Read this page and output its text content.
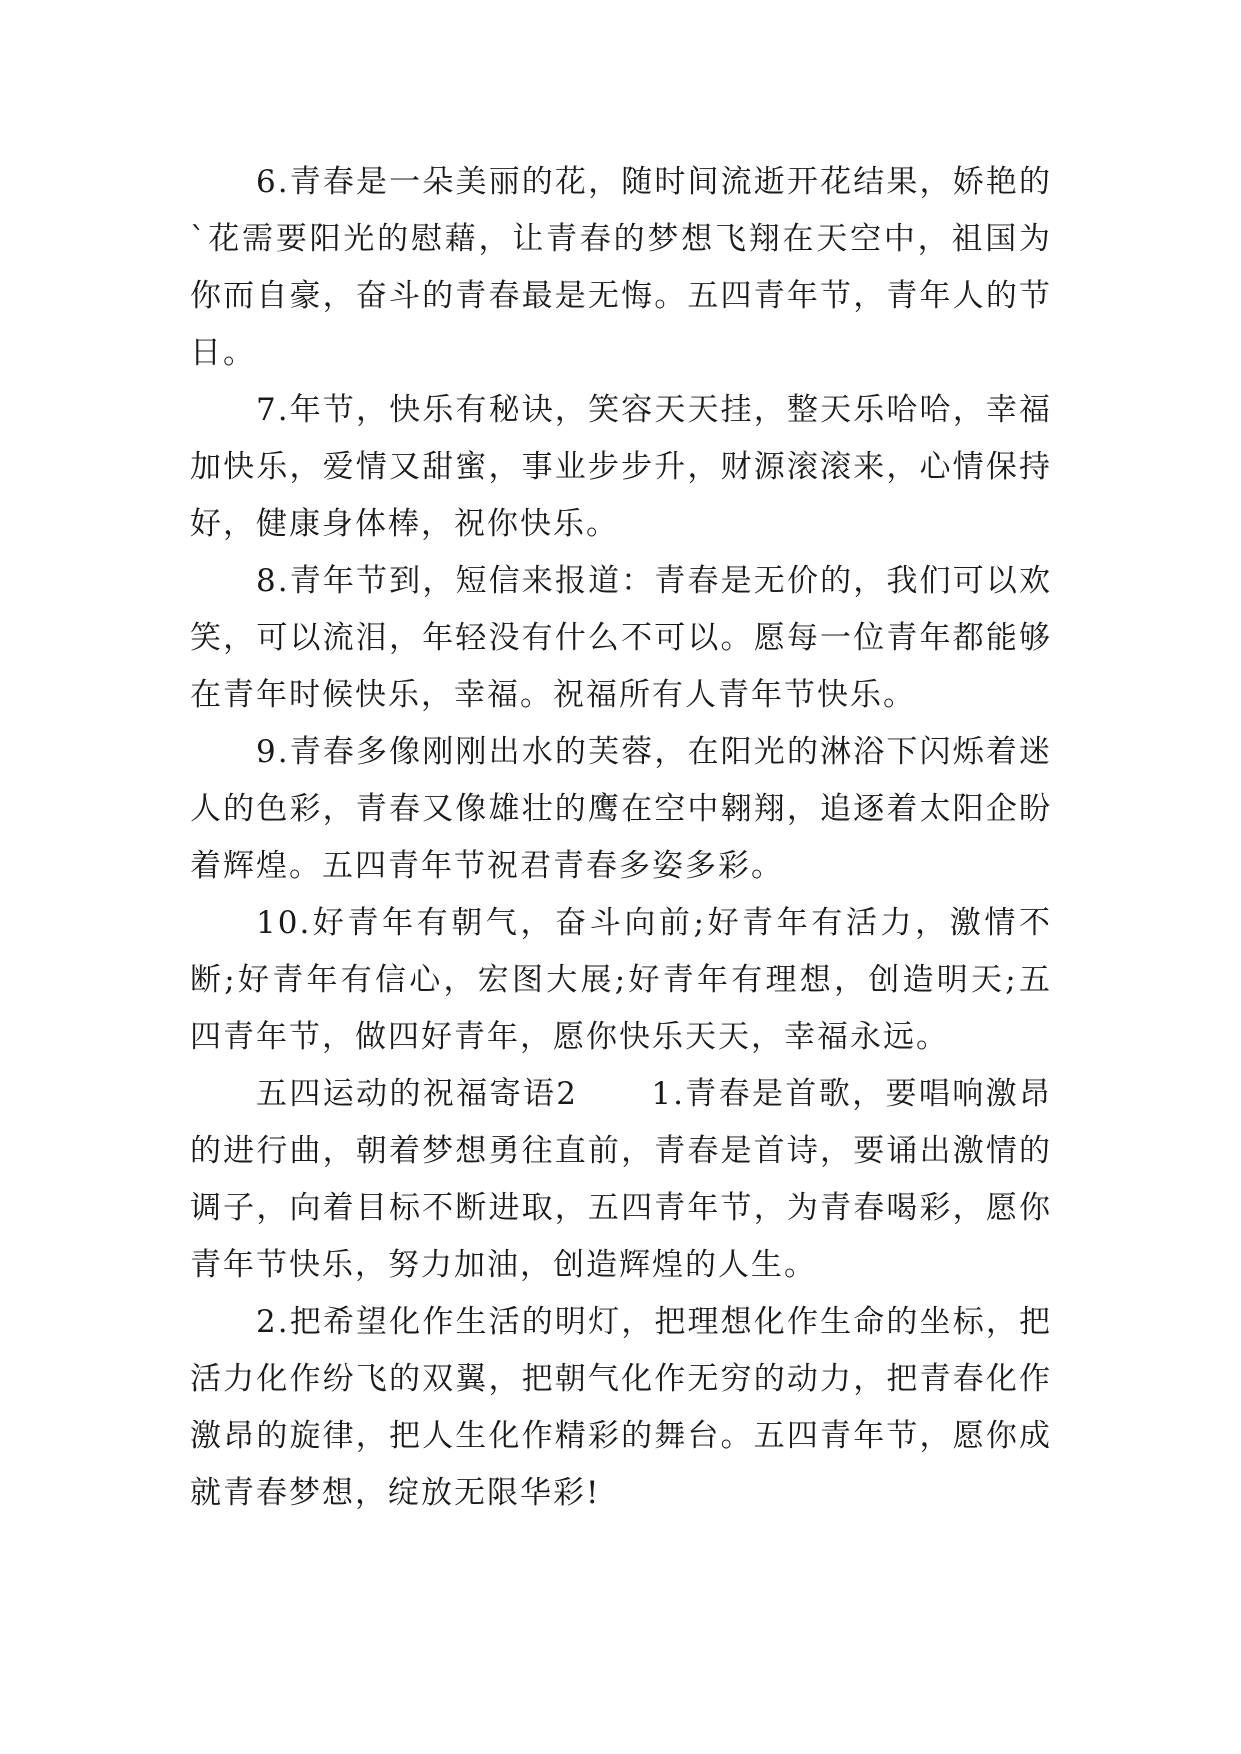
6.青春是一朵美丽的花，随时间流逝开花结果，娇艳的`花需要阳光的慰藉，让青春的梦想飞翔在天空中，祖国为你而自豪，奋斗的青春最是无悔。五四青年节，青年人的节日。

7.年节，快乐有秘诀，笑容天天挂，整天乐哈哈，幸福加快乐，爱情又甜蜜，事业步步升，财源滚滚来，心情保持好，健康身体棒，祝你快乐。

8.青年节到，短信来报道：青春是无价的，我们可以欢笑，可以流泪，年轻没有什么不可以。愿每一位青年都能够在青年时候快乐，幸福。祝福所有人青年节快乐。

9.青春多像刚刚出水的芙蓉，在阳光的淋浴下闪烁着迷人的色彩，青春又像雄壮的鹰在空中翱翔，追逐着太阳企盼着辉煌。五四青年节祝君青春多姿多彩。

10.好青年有朝气，奋斗向前;好青年有活力，激情不断;好青年有信心，宏图大展;好青年有理想，创造明天;五四青年节，做四好青年，愿你快乐天天，幸福永远。

五四运动的祝福寄语2      1.青春是首歌，要唱响激昂的进行曲，朝着梦想勇往直前，青春是首诗，要诵出激情的调子，向着目标不断进取，五四青年节，为青春喝彩，愿你青年节快乐，努力加油，创造辉煌的人生。

2.把希望化作生活的明灯，把理想化作生命的坐标，把活力化作纷飞的双翼，把朝气化作无穷的动力，把青春化作激昂的旋律，把人生化作精彩的舞台。五四青年节，愿你成就青春梦想，绽放无限华彩!
